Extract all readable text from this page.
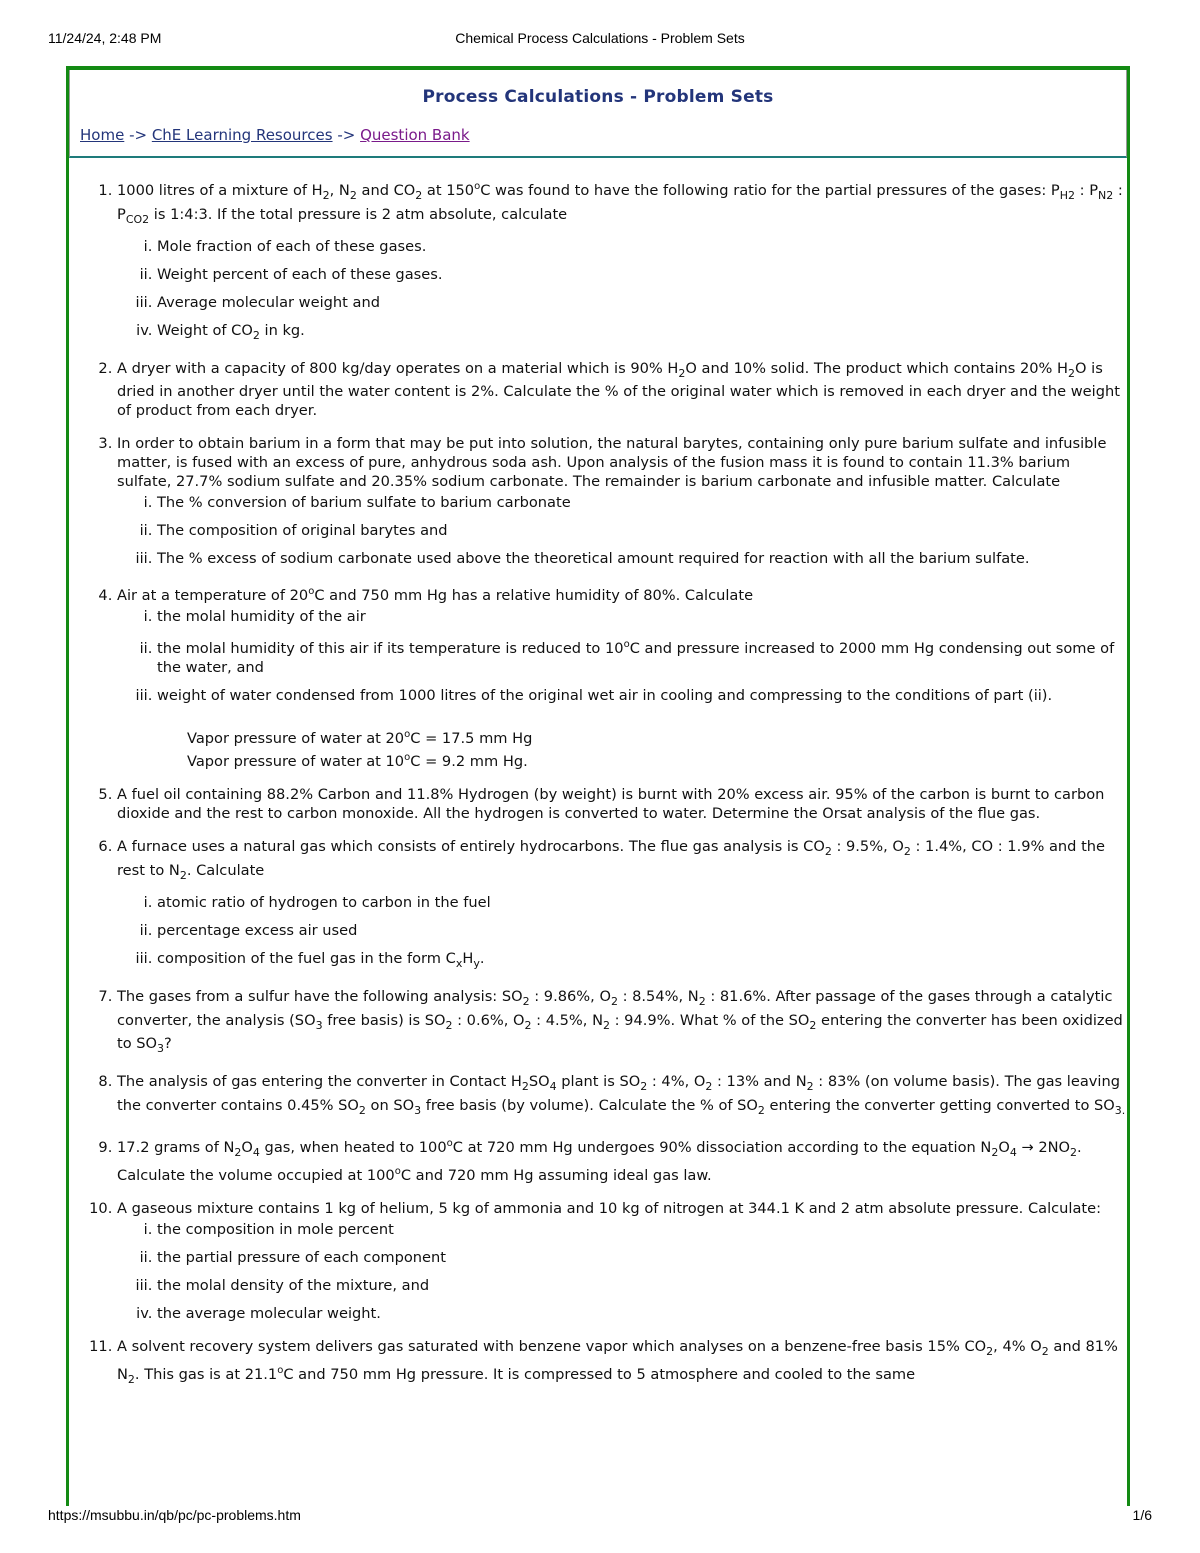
11/24/24, 2:48 PM	Chemical Process Calculations - Problem Sets
Process Calculations - Problem Sets
Home -> ChE Learning Resources -> Question Bank
1. 1000 litres of a mixture of $H_2$, $N_2$ and $CO_2$ at 150$^o$C was found to have the following ratio for the partial pressures of the gases: $P_{H2}$ : $P_{N2}$ : $P_{CO2}$ is 1:4:3. If the total pressure is 2 atm absolute, calculate
i. Mole fraction of each of these gases.
ii. Weight percent of each of these gases.
iii. Average molecular weight and
iv. Weight of $CO_2$ in kg.
2. A dryer with a capacity of 800 kg/day operates on a material which is 90% $H_2O$ and 10% solid. The product which contains 20% $H_2O$ is dried in another dryer until the water content is 2%. Calculate the % of the original water which is removed in each dryer and the weight of product from each dryer.
3. In order to obtain barium in a form that may be put into solution, the natural barytes, containing only pure barium sulfate and infusible matter, is fused with an excess of pure, anhydrous soda ash. Upon analysis of the fusion mass it is found to contain 11.3% barium sulfate, 27.7% sodium sulfate and 20.35% sodium carbonate. The remainder is barium carbonate and infusible matter. Calculate
i. The % conversion of barium sulfate to barium carbonate
ii. The composition of original barytes and
iii. The % excess of sodium carbonate used above the theoretical amount required for reaction with all the barium sulfate.
4. Air at a temperature of 20$^o$C and 750 mm Hg has a relative humidity of 80%. Calculate
i. the molal humidity of the air
ii. the molal humidity of this air if its temperature is reduced to 10$^o$C and pressure increased to 2000 mm Hg condensing out some of the water, and
iii. weight of water condensed from 1000 litres of the original wet air in cooling and compressing to the conditions of part (ii).
Vapor pressure of water at $20^oC = 17.5$ mm Hg
Vapor pressure of water at $10^oC = 9.2$ mm Hg.
5. A fuel oil containing 88.2% Carbon and 11.8% Hydrogen (by weight) is burnt with 20% excess air. 95% of the carbon is burnt to carbon dioxide and the rest to carbon monoxide. All the hydrogen is converted to water. Determine the Orsat analysis of the flue gas.
6. A furnace uses a natural gas which consists of entirely hydrocarbons. The flue gas analysis is $CO_2$ : 9.5%, $O_2$ : 1.4%, CO : 1.9% and the rest to $N_2$. Calculate
i. atomic ratio of hydrogen to carbon in the fuel
ii. percentage excess air used
iii. composition of the fuel gas in the form $C_xH_y$.
7. The gases from a sulfur have the following analysis: $SO_2$ : 9.86%, $O_2$ : 8.54%, $N_2$ : 81.6%. After passage of the gases through a catalytic converter, the analysis ($SO_3$ free basis) is $SO_2$ : 0.6%, $O_2$ : 4.5%, $N_2$ : 94.9%. What % of the $SO_2$ entering the converter has been oxidized to $SO_3$?
8. The analysis of gas entering the converter in Contact $H_2SO_4$ plant is $SO_2$ : 4%, $O_2$ : 13% and $N_2$ : 83% (on volume basis). The gas leaving the converter contains 0.45% $SO_2$ on $SO_3$ free basis (by volume). Calculate the % of $SO_2$ entering the converter getting converted to $SO_{3.}$
9. 17.2 grams of $N_2O_4$ gas, when heated to 100$^o$C at 720 mm Hg undergoes 90% dissociation according to the equation $N_2O_4 \to 2NO_2$. Calculate the volume occupied at 100$^o$C and 720 mm Hg assuming ideal gas law.
10. A gaseous mixture contains 1 kg of helium, 5 kg of ammonia and 10 kg of nitrogen at 344.1 K and 2 atm absolute pressure. Calculate:
i. the composition in mole percent
ii. the partial pressure of each component
iii. the molal density of the mixture, and
iv. the average molecular weight.
11. A solvent recovery system delivers gas saturated with benzene vapor which analyses on a benzene-free basis 15% $CO_2$, 4% $O_2$ and 81% $N_2$. This gas is at 21.1$^o$C and 750 mm Hg pressure. It is compressed to 5 atmosphere and cooled to the same
https://msubbu.in/qb/pc/pc-problems.htm	1/6
